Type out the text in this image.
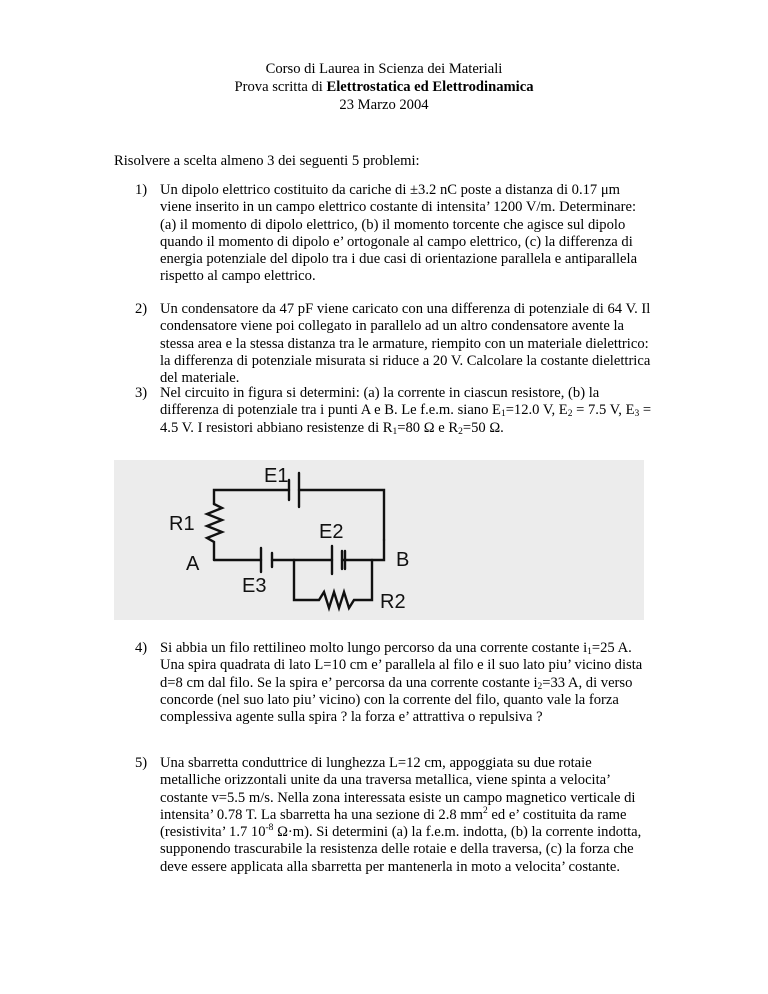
Corso di Laurea in Scienza dei Materiali
Prova scritta di Elettrostatica ed Elettrodinamica
23 Marzo 2004
Risolvere a scelta almeno 3 dei seguenti 5 problemi:
1) Un dipolo elettrico costituito da cariche di ±3.2 nC poste a distanza di 0.17 μm viene inserito in un campo elettrico costante di intensita’ 1200 V/m. Determinare: (a) il momento di dipolo elettrico, (b) il momento torcente che agisce sul dipolo quando il momento di dipolo e’ ortogonale al campo elettrico, (c) la differenza di energia potenziale del dipolo tra i due casi di orientazione parallela e antiparallela rispetto al campo elettrico.
2) Un condensatore da 47 pF viene caricato con una differenza di potenziale di 64 V. Il condensatore viene poi collegato in parallelo ad un altro condensatore avente la stessa area e la stessa distanza tra le armature, riempito con un materiale dielettrico: la differenza di potenziale misurata si riduce a 20 V. Calcolare la costante dielettrica del materiale.
3) Nel circuito in figura si determini: (a) la corrente in ciascun resistore, (b) la differenza di potenziale tra i punti A e B. Le f.e.m. siano $E_1=12.0$ V, $E_2 = 7.5$ V, $E_3 = 4.5$ V. I resistori abbiano resistenze di $R_1=80$ Ω e $R_2=50$ Ω.
E1
E2
E3
R1
R2
A	B
4) Si abbia un filo rettilineo molto lungo percorso da una corrente costante $i_1=25$ A. Una spira quadrata di lato L=10 cm e’ parallela al filo e il suo lato piu’ vicino dista d=8 cm dal filo. Se la spira e’ percorsa da una corrente costante $i_2=33$ A, di verso concorde (nel suo lato piu’ vicino) con la corrente del filo, quanto vale la forza complessiva agente sulla spira ? la forza e’ attrattiva o repulsiva ?
5) Una sbarretta conduttrice di lunghezza L=12 cm, appoggiata su due rotaie metalliche orizzontali unite da una traversa metallica, viene spinta a velocita’ costante v=5.5 m/s. Nella zona interessata esiste un campo magnetico verticale di intensita’ 0.78 T. La sbarretta ha una sezione di 2.8 $mm^2$ ed e’ costituita da rame (resistivita’ 1.7 $10^{-8}$ Ω·m). Si determini (a) la f.e.m. indotta, (b) la corrente indotta, supponendo trascurabile la resistenza delle rotaie e della traversa, (c) la forza che deve essere applicata alla sbarretta per mantenerla in moto a velocita’ costante.
